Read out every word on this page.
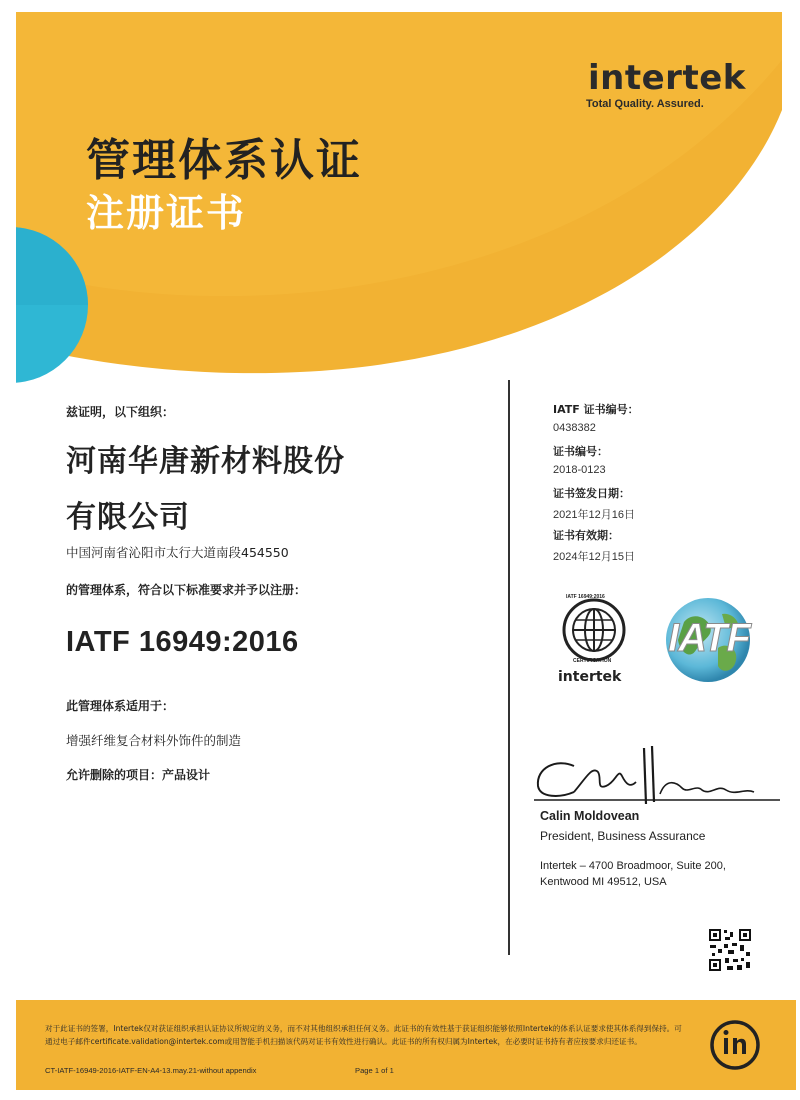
intertek
Total Quality. Assured.
管理体系认证
注册证书
兹证明，以下组织：
河南华唐新材料股份
有限公司
中国河南省沁阳市太行大道南段454550
的管理体系，符合以下标准要求并予以注册：
IATF 16949:2016
此管理体系适用于：
增强纤维复合材料外饰件的制造
允许删除的项目：产品设计
IATF 证书编号：
0438382
证书编号：
2018-0123
证书签发日期：
2021年12月16日
证书有效期：
2024年12月15日
IATF 16949:2016
CERTIFICATION
intertek
IATF
Calin Moldovean
President, Business Assurance
Intertek – 4700 Broadmoor, Suite 200,
Kentwood MI 49512, USA
对于此证书的签署，Intertek仅对获证组织承担认证协议所规定的义务，而不对其他组织承担任何义务。此证书的有效性基于获证组织能够依照Intertek的体系认证要求使其体系得到保持。可通过电子邮件certificate.validation@intertek.com或用智能手机扫描该代码对证书有效性进行确认。此证书的所有权归属为Intertek，在必要时证书持有者应按要求归还证书。
CT-IATF-16949-2016-IATF-EN-A4-13.may.21-without appendix	Page 1 of 1
